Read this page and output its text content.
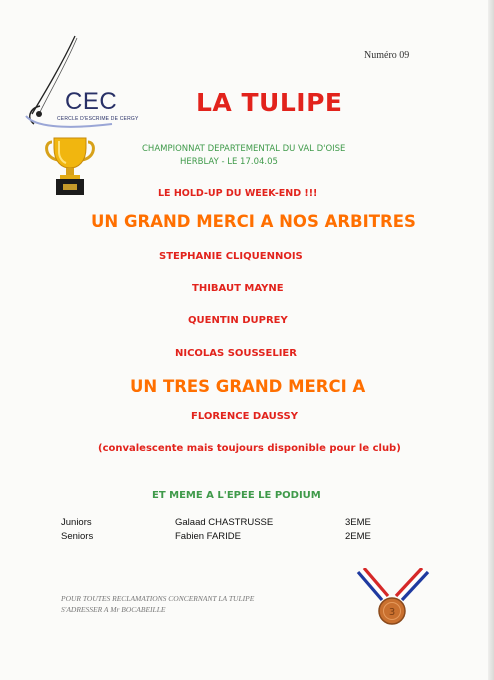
Numéro 09
CEC
CERCLE D'ESCRIME DE CERGY
LA TULIPE
CHAMPIONNAT DEPARTEMENTAL DU VAL D'OISE
HERBLAY - LE 17.04.05
LE HOLD-UP DU WEEK-END !!!
UN GRAND MERCI A NOS ARBITRES
STEPHANIE CLIQUENNOIS
THIBAUT MAYNE
QUENTIN DUPREY
NICOLAS SOUSSELIER
UN TRES GRAND MERCI A
FLORENCE DAUSSY
(convalescente mais toujours disponible pour le club)
ET MEME A L'EPEE LE PODIUM
Juniors	Galaad CHASTRUSSE	3EME
Seniors	Fabien FARIDE	2EME
POUR TOUTES RECLAMATIONS CONCERNANT LA TULIPE
S'ADRESSER A Mr BOCABEILLE	3
